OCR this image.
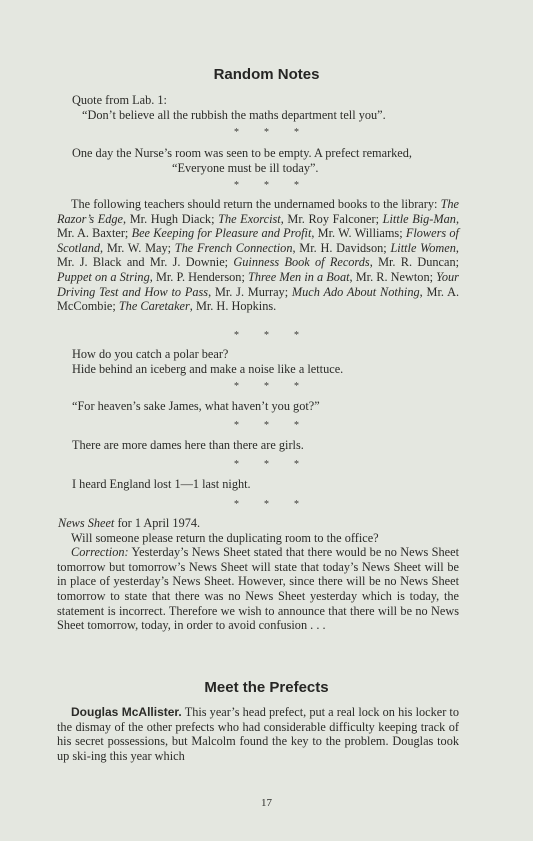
Random Notes
Quote from Lab. 1:
“Don’t believe all the rubbish the maths department tell you”.
*	*	*
One day the Nurse’s room was seen to be empty. A prefect remarked,
“Everyone must be ill today”.
*	*	*
The following teachers should return the undernamed books to the library: The Razor’s Edge, Mr. Hugh Diack; The Exorcist, Mr. Roy Falconer; Little Big-Man, Mr. A. Baxter; Bee Keeping for Pleasure and Profit, Mr. W. Williams; Flowers of Scotland, Mr. W. May; The French Connection, Mr. H. Davidson; Little Women, Mr. J. Black and Mr. J. Downie; Guinness Book of Records, Mr. R. Duncan; Puppet on a String, Mr. P. Henderson; Three Men in a Boat, Mr. R. Newton; Your Driving Test and How to Pass, Mr. J. Murray; Much Ado About Nothing, Mr. A. McCombie; The Caretaker, Mr. H. Hopkins.
*	*	*
How do you catch a polar bear?
Hide behind an iceberg and make a noise like a lettuce.
*	*	*
“For heaven’s sake James, what haven’t you got?”
*	*	*
There are more dames here than there are girls.
*	*	*
I heard England lost 1—1 last night.
*	*	*
News Sheet for 1 April 1974.
Will someone please return the duplicating room to the office?
Correction: Yesterday’s News Sheet stated that there would be no News Sheet tomorrow but tomorrow’s News Sheet will state that today’s News Sheet will be in place of yesterday’s News Sheet. However, since there will be no News Sheet tomorrow to state that there was no News Sheet yesterday which is today, the statement is incorrect. Therefore we wish to announce that there will be no News Sheet tomorrow, today, in order to avoid confusion . . .
Meet the Prefects
Douglas McAllister. This year’s head prefect, put a real lock on his locker to the dismay of the other prefects who had considerable difficulty keeping track of his secret possessions, but Malcolm found the key to the problem. Douglas took up ski-ing this year which
17
